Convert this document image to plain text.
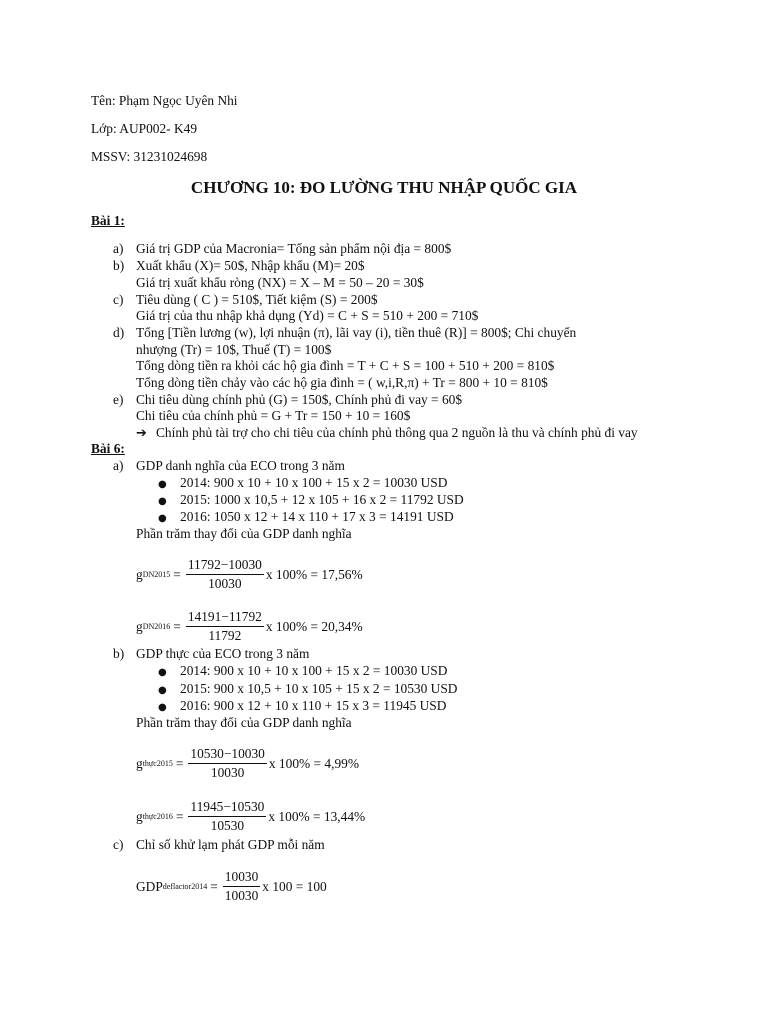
Tên: Phạm Ngọc Uyên Nhi
Lớp: AUP002- K49
MSSV: 31231024698
CHƯƠNG 10: ĐO LƯỜNG THU NHẬP QUỐC GIA
Bài 1:
a) Giá trị GDP của Macronia= Tổng sản phẩm nội địa = 800$
b) Xuất khẩu (X)= 50$, Nhập khẩu (M)= 20$
Giá trị xuất khẩu ròng (NX) = X – M = 50 – 20 = 30$
c) Tiêu dùng ( C ) = 510$, Tiết kiệm (S) = 200$
Giá trị của thu nhập khả dụng (Yd) = C + S = 510 + 200 = 710$
d) Tổng [Tiền lương (w), lợi nhuận (π), lãi vay (i), tiền thuê (R)] = 800$; Chi chuyển
nhượng (Tr) = 10$, Thuế (T) = 100$
Tổng dòng tiền ra khỏi các hộ gia đình = T + C + S = 100 + 510 + 200 = 810$
Tổng dòng tiền chảy vào các hộ gia đình = ( w,i,R,π) + Tr = 800 + 10 = 810$
e) Chi tiêu dùng chính phủ (G) = 150$, Chính phủ đi vay = 60$
Chi tiêu của chính phủ = G + Tr = 150 + 10 = 160$
➔ Chính phủ tài trợ cho chi tiêu của chính phủ thông qua 2 nguồn là thu và chính phủ đi vay
Bài 6:
a) GDP danh nghĩa của ECO trong 3 năm
● 2014: 900 x 10 + 10 x 100 + 15 x 2 = 10030 USD
● 2015: 1000 x 10,5 + 12 x 105 + 16 x 2 = 11792 USD
● 2016: 1050 x 12 + 14 x 110 + 17 x 3 = 14191 USD
Phần trăm thay đổi của GDP danh nghĩa
g DN $2015 = \frac{11792-10030}{10030}$ x 100% = 17,56%
g DN $2016 = \frac{14191-11792}{11792}$ x 100% = 20,34%
b) GDP thực của ECO trong 3 năm
● 2014: 900 x 10 + 10 x 100 + 15 x 2 = 10030 USD
● 2015: 900 x 10,5 + 10 x 105 + 15 x 2 = 10530 USD
● 2016: 900 x 12 + 10 x 110 + 15 x 3 = 11945 USD
Phần trăm thay đổi của GDP danh nghĩa
g thực $2015 = \frac{10530-10030}{10030}$ x 100% = 4,99%
g thực $2016 = \frac{11945-10530}{10530}$ x 100% = 13,44%
c) Chỉ số khử lạm phát GDP mỗi năm
GDP deflactor $2014 = \frac{10030}{10030}$ x 100 = 100
